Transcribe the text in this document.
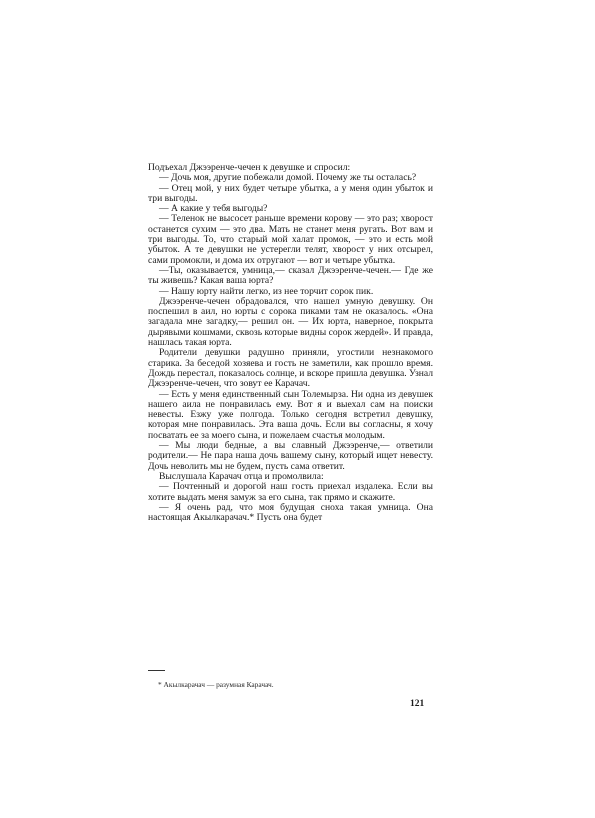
Подъехал Джээренче-чечен к девушке и спросил:

— Дочь моя, другие побежали домой. Почему же ты осталась?

— Отец мой, у них будет четыре убытка, а у меня один убыток и три выгоды.

— А какие у тебя выгоды?

— Теленок не высосет раньше времени корову — это раз; хворост останется сухим — это два. Мать не станет меня ругать. Вот вам и три выгоды. То, что старый мой халат промок, — это и есть мой убыток. А те девушки не устерегли телят, хворост у них отсырел, сами промокли, и дома их отругают — вот и четыре убытка.

—Ты, оказывается, умница,— сказал Джээренче-чечен.— Где же ты живешь? Какая ваша юрта?

— Нашу юрту найти легко, из нее торчит сорок пик.

Джээренче-чечен обрадовался, что нашел умную девушку. Он поспешил в аил, но юрты с сорока пиками там не оказалось. «Она загадала мне загадку,— решил он. — Их юрта, наверное, покрыта дырявыми кошмами, сквозь которые видны сорок жердей». И правда, нашлась такая юрта.

Родители девушки радушно приняли, угостили незнакомого старика. За беседой хозяева и гость не заметили, как прошло время. Дождь перестал, показалось солнце, и вскоре пришла девушка. Узнал Джээренче-чечен, что зовут ее Карачач.

— Есть у меня единственный сын Толемырза. Ни одна из девушек нашего аила не понравилась ему. Вот я и выехал сам на поиски невесты. Езжу уже полгода. Только сегодня встретил девушку, которая мне понравилась. Эта ваша дочь. Если вы согласны, я хочу посватать ее за моего сына, и пожелаем счастья молодым.

— Мы люди бедные, а вы славный Джээренче,— ответили родители.— Не пара наша дочь вашему сыну, который ищет невесту. Дочь неволить мы не будем, пусть сама ответит.

Выслушала Карачач отца и промолвила:

— Почтенный и дорогой наш гость приехал издалека. Если вы хотите выдать меня замуж за его сына, так прямо и скажите.

— Я очень рад, что моя будущая сноха такая умница. Она настоящая Акылкарачач.* Пусть она будет

* Акылкарачач — разумная Карачач.
121
